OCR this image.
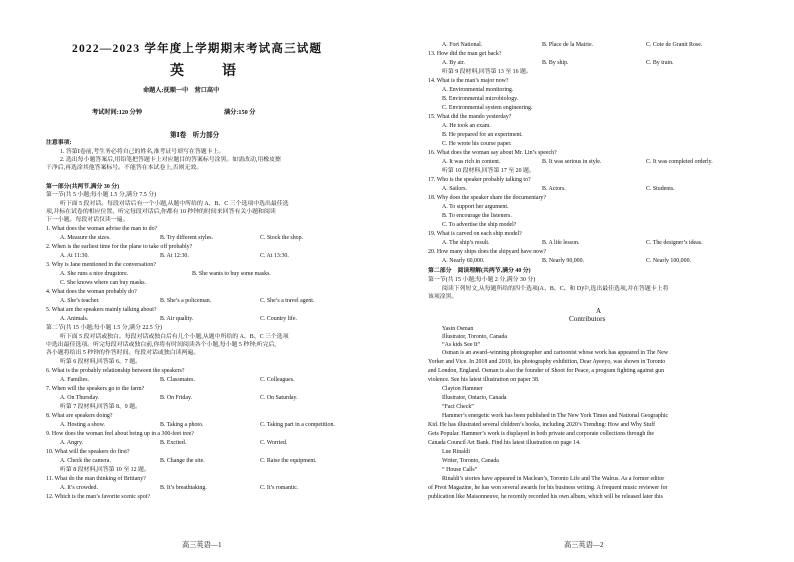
2022—2023 学年度上学期期末考试高三试题
英　语
命题人:抚顺一中　营口高中
考试时间:120 分钟	满分:150 分
第Ⅰ卷　听力部分
注意事项:
1. 答第Ⅰ卷前,考生务必将自己的姓名,准考证号填写在答题卡上。
2. 选出每小题答案后,用铅笔把答题卡上对应题目的答案标号涂黑。如需改动,用橡皮擦
干净后,再选涂其他答案标号。不能答在本试卷上,否则无效。
第一部分(共两节,满分 30 分)
第一节(共 5 小题;每小题 1.5 分,满分 7.5 分)
听下面 5 段对话。每段对话后有一个小题,从题中所给的 A、B、C 三个选项中选出最佳选
项,并标在试卷的相应位置。听完每段对话后,你都有 10 秒钟的时间来回答有关小题和阅读
下一小题。每段对话仅读一遍。
1. What does the woman advise the man to do?
A. Measure the sizes.	B. Try different styles.	C. Stock the shop.
2. When is the earliest time for the plane to take off probably?
A. At 11:30.	B. At 12:30.	C. At 13:30.
3. Why is Jane mentioned in the conversation?
A. She runs a nice drugstore.	B. She wants to buy some masks.
C. She knows where can buy masks.
4. What does the woman probably do?
A. She’s teacher.	B. She’s a policeman.	C. She’s a travel agent.
5. What are the speakers mainly talking about?
A. Animals.	B. Air quality.	C. Country life.
第二节(共 15 小题;每小题 1.5 分,满分 22.5 分)
听下面 5 段对话或独白。每段对话或独白后有几个小题,从题中所给的 A、B、C 三个选项
中选出最佳选项。听完每段对话或独白前,你将有时间阅读各个小题,每小题 5 秒钟;听完后,
各小题将给出 5 秒钟的作答时间。每段对话或独白读两遍。
听第 6 段材料,回答第 6、7 题。
6. What is the probably relationship between the speakers?
A. Families.	B. Classmates.	C. Colleagues.
7. When will the speakers go to the farm?
A. On Thursday.	B. On Friday.	C. On Saturday.
听第 7 段材料,回答第 8、9 题。
8. What are speakers doing?
A. Hosting a show.	B. Taking a photo.	C. Taking part in a competition.
9. How does the woman feel about being up in a 300-feet tree?
A. Angry.	B. Excited.	C. Worried.
10. What will the speakers do first?
A. Check the camera.	B. Change the site.	C. Raise the equipment.
听第 8 段材料,回答第 10 至 12 题。
11. What do the man thinking of Brittany?
A. It’s crowded.	B. It’s breathtaking.	C. It’s romantic.
12. Which is the man’s favorite scenic spot?
高三英语—1
A. Fort National.	B. Place de la Mairie.	C. Cote de Granit Rose.
13. How did the man get back?
A. By air.	B. By ship.	C. By train.
听第 9 段材料,回答第 13 至 16 题。
14. What is the man’s major now?
A. Environmental monitoring.
B. Environmental microbiology.
C. Environmental system engineering.
15. What did the mando yesterday?
A. He took an exam.
B. He prepared for an experiment.
C. He wrote his course paper.
16. What does the woman say about Mr. Lin’s speech?
A. It was rich in content.	B. It was serious in style.	C. It was completed orderly.
听第 10 段材料,回答第 17 至 20 题。
17. Who is the speaker probably talking to?
A. Sailors.	B. Actors.	C. Students.
18. Why does the speaker share the documentary?
A. To support her argument.
B. To encourage the listeners.
C. To advertise the ship model?
19. What is carved on each ship model?
A. The ship’s result.	B. A life lesson.	C. The designer’s ideas.
20. How many ships does the shipyard have now?
A. Nearly 60,000.	B. Nearly 90,000.	C. Nearly 100,000.
第二部分　阅读理解(共两节,满分 40 分)
第一节(共 15 小题;每小题 2 分,满分 30 分)
阅读下列短文,从每题所给的四个选项(A、B、C、和 D)中,选出最佳选项,并在答题卡上将
该项涂黑。
A
Contributors
Yasin Osman
Illustrator, Toronto, Canada
“As kids See It”
Osman is an award–winning photographer and cartoonist whose work has appeared in The New
Yorker and Vice. In 2018 and 2019, his photography exhibition, Dear Ayeeyo, was shown in Toronto
and London, England. Osman is also the founder of Shoot for Peace, a program fighting against gun
violence. See his latest illustration on paper 38.
Clayton Hammer
Illustrator, Ontario, Canada
“Fact Check”
Hammer’s energetic work has been published in The New York Times and National Geographic
Kid. He has illustrated several children’s books, including 2020’s Trending: How and Why Stuff
Gets Popular. Hammer’s work is displayed in both private and corporate collections through the
Canada Council Art Bank. Find his latest illustration on page 14.
Lue Rinaldi
Writer, Toronto, Canada
“ House Calls”
Rinaldi’s stories have appeared in Maclean’s, Toronto Life and The Walrus. As a former editor
of Pivot Magazine, he has won several awards for his business writing. A frequent music reviewer for
publication like Maisonneuve, he recently recorded his own album, which will be released later this
高三英语—2
